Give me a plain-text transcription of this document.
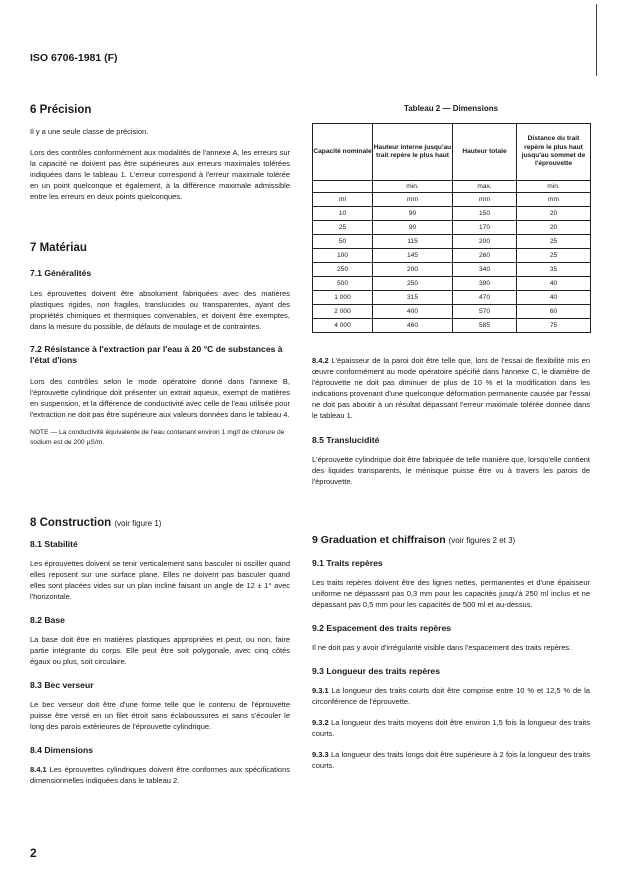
ISO 6706-1981 (F)

6 Précision

Il y a une seule classe de précision.

Lors des contrôles conformément aux modalités de l'annexe A, les erreurs sur la capacité ne doivent pas être supérieures aux erreurs maximales tolérées indiquées dans le tableau 1. L'erreur correspond à l'erreur maximale tolérée en un point quelconque et également, à la différence maximale admissible entre les erreurs en deux points quelconques.

7 Matériau

7.1 Généralités

Les éprouvettes doivent être absolument fabriquées avec des matières plastiques rigides, non fragiles, translucides ou transparentes, ayant des propriétés chimiques et thermiques convenables, et doivent être exemptes, dans la mesure du possible, de défauts de moulage et de contraintes.

7.2 Résistance à l'extraction par l'eau à 20 °C de substances à l'état d'ions

Lors des contrôles selon le mode opératoire donné dans l'annexe B, l'éprouvette cylindrique doit présenter un extrait aqueux, exempt de matières en suspension, et la différence de conductivité avec celle de l'eau utilisée pour l'extraction ne doit pas être supérieure aux valeurs données dans le tableau 4.

NOTE — La conductivité équivalente de l'eau contenant environ 1 mg/l de chlorure de sodium est de 200 µS/m.

8 Construction (voir figure 1)

8.1 Stabilité

Les éprouvettes doivent se tenir verticalement sans basculer ni osciller quand elles reposent sur une surface plane. Elles ne doivent pas basculer quand elles sont placées vides sur un plan incliné faisant un angle de 12 ± 1° avec l'horizontale.

8.2 Base

La base doit être en matières plastiques appropriées et peut, ou non, faire partie intégrante du corps. Elle peut être soit polygonale, avec cinq côtés égaux ou plus, soit circulaire.

8.3 Bec verseur

Le bec verseur doit être d'une forme telle que le contenu de l'éprouvette puisse être versé en un filet étroit sans éclaboussures et sans s'écouler le long des parois extérieures de l'éprouvette cylindrique.

8.4 Dimensions

8.4.1 Les éprouvettes cylindriques doivent être conformes aux spécifications dimensionnelles indiquées dans le tableau 2.

2
Tableau 2 — Dimensions
Capacité nominale	Hauteur interne jusqu'au trait repère le plus haut	Hauteur totale	Distance du trait repère le plus haut jusqu'au sommet de l'éprouvette
	min.	max.	min.
ml	mm	mm	mm
10	90	150	20
25	90	170	20
50	115	200	25
100	145	260	25
250	200	340	35
500	250	390	40
1 000	315	470	40
2 000	400	570	60
4 000	460	585	75

8.4.2 L'épaisseur de la paroi doit être telle que, lors de l'essai de flexibilité mis en œuvre conformément au mode opératoire spécifié dans l'annexe C, le diamètre de l'éprouvette ne doit pas diminuer de plus de 10 % et la modification dans les indications provenant d'une quelconque déformation permanente causée par l'essai ne doit pas aboutir à un résultat dépassant l'erreur maximale tolérée donnée dans le tableau 1.

8.5 Translucidité

L'éprouvette cylindrique doit être fabriquée de telle manière que, lorsqu'elle contient des liquides transparents, le ménisque puisse être vu à travers les parois de l'éprouvette.

9 Graduation et chiffraison (voir figures 2 et 3)

9.1 Traits repères

Les traits repères doivent être des lignes nettes, permanentes et d'une épaisseur uniforme ne dépassant pas 0,3 mm pour les capacités jusqu'à 250 ml inclus et ne dépassant pas 0,5 mm pour les capacités de 500 ml et au-dessus.

9.2 Espacement des traits repères

Il ne doit pas y avoir d'irrégularité visible dans l'espacement des traits repères.

9.3 Longueur des traits repères

9.3.1 La longueur des traits courts doit être comprise entre 10 % et 12,5 % de la circonférence de l'éprouvette.

9.3.2 La longueur des traits moyens doit être environ 1,5 fois la longueur des traits courts.

9.3.3 La longueur des traits longs doit être supérieure à 2 fois la longueur des traits courts.
